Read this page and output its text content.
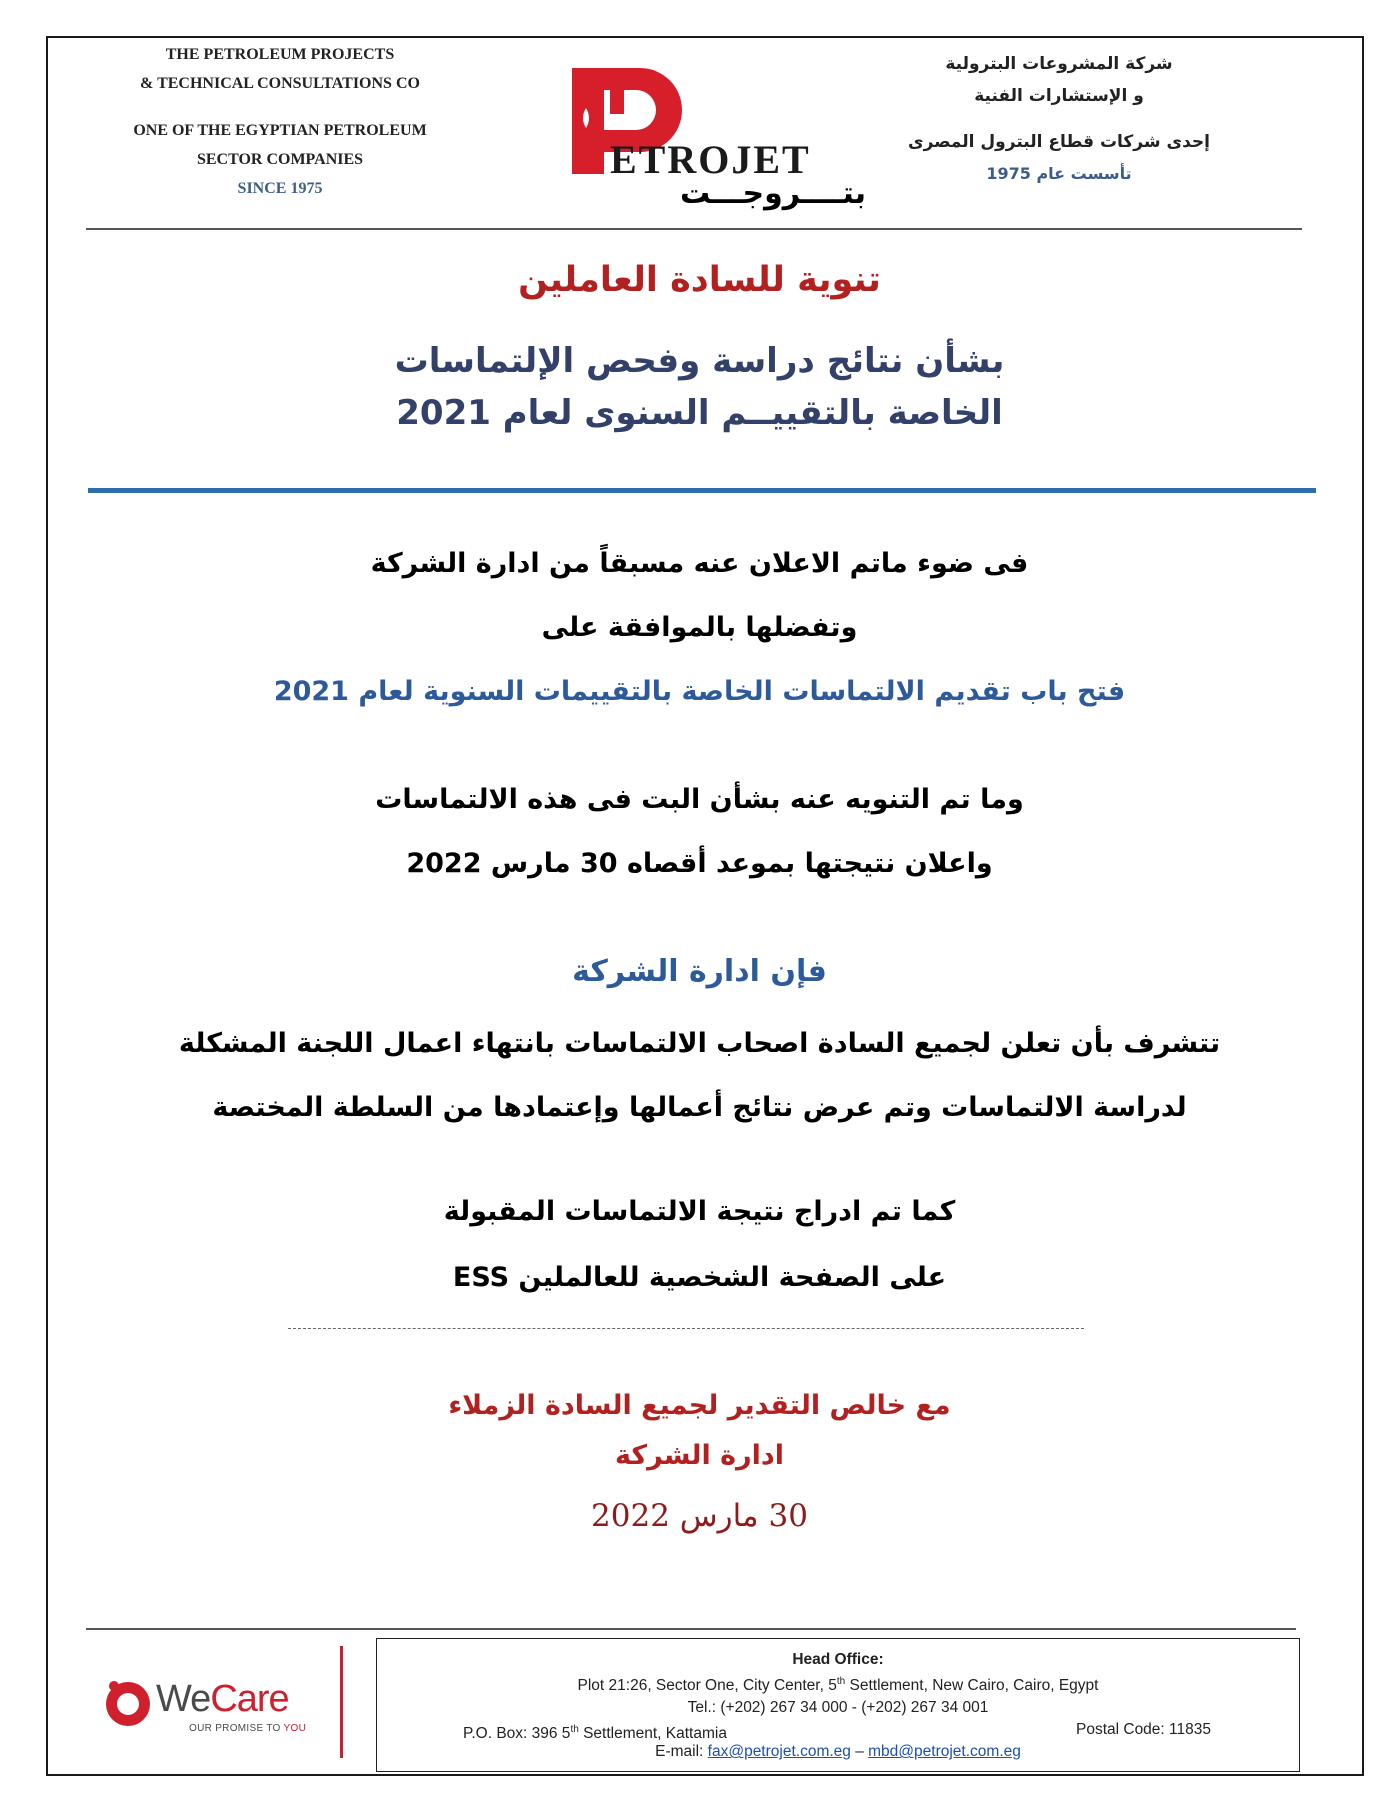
THE PETROLEUM PROJECTS
& TECHNICAL CONSULTATIONS CO
ONE OF THE EGYPTIAN PETROLEUM
SECTOR COMPANIES
SINCE 1975
ETROJET
بتــــروجـــت
شركة المشروعات البترولية
و الإستشارات الفنية
إحدى شركات قطاع البترول المصرى
تأسست عام 1975
تنوية للسادة العاملين
بشأن نتائج دراسة وفحص الإلتماسات
الخاصة بالتقييــم السنوى لعام 2021
فى ضوء ماتم الاعلان عنه مسبقاً من ادارة الشركة
وتفضلها بالموافقة على
فتح باب تقديم الالتماسات الخاصة بالتقييمات السنوية لعام 2021
وما تم التنويه عنه بشأن البت فى هذه الالتماسات
واعلان نتيجتها بموعد أقصاه 30 مارس 2022
فإن ادارة الشركة
تتشرف بأن تعلن لجميع السادة اصحاب الالتماسات بانتهاء اعمال اللجنة المشكلة
لدراسة الالتماسات وتم عرض نتائج أعمالها وإعتمادها من السلطة المختصة
كما تم ادراج نتيجة الالتماسات المقبولة
على الصفحة الشخصية للعالملين ESS
مع خالص التقدير لجميع السادة الزملاء
ادارة الشركة
30 مارس 2022
WeCare
OUR PROMISE TO YOU
Head Office:
Plot 21:26, Sector One, City Center, 5th Settlement, New Cairo, Cairo, Egypt
Tel.: (+202) 267 34 000 - (+202) 267 34 001
P.O. Box: 396 5th Settlement, Kattamia	Postal Code: 11835
E-mail: fax@petrojet.com.eg – mbd@petrojet.com.eg
